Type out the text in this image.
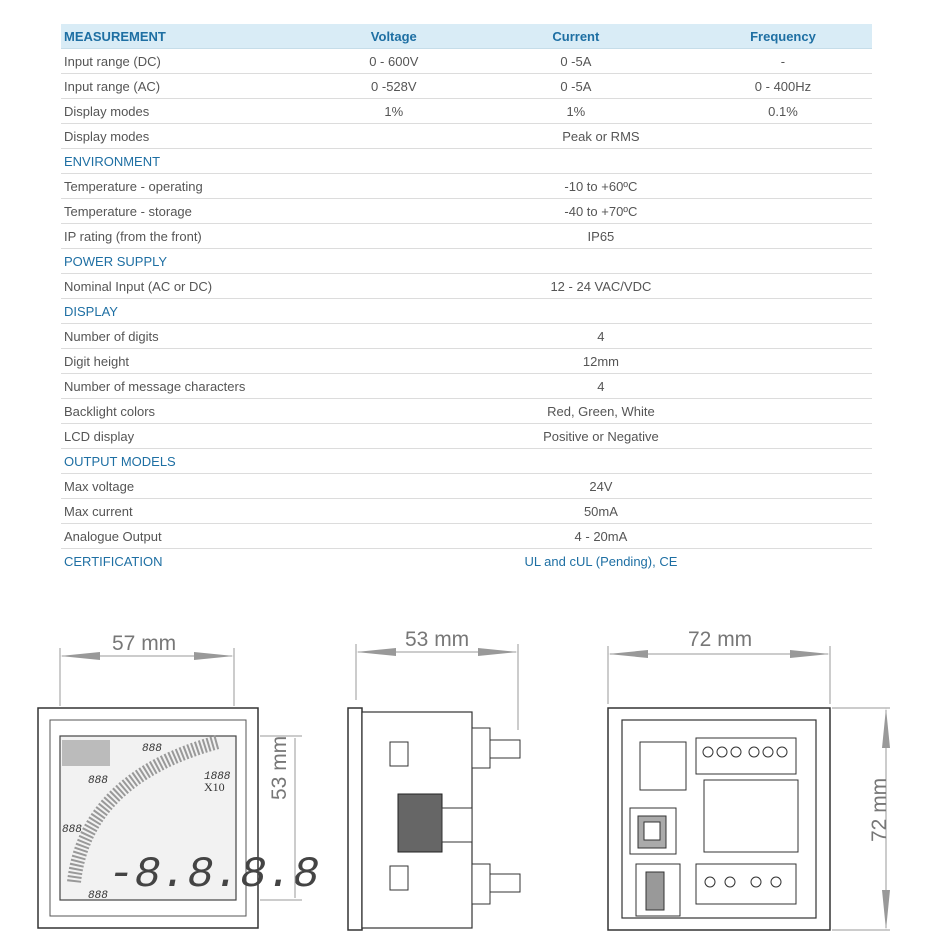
MEASUREMENT	Voltage	Current	Frequency
Input range (DC)	0 - 600V	0 -5A	-
Input range (AC)	0 -528V	0 -5A	0 - 400Hz
Display modes	1%	1%	0.1%
Display modes	Peak or RMS		
ENVIRONMENT			
Temperature - operating	-10 to +60ºC		
Temperature - storage	-40 to +70ºC		
IP rating (from the front)	IP65		
POWER SUPPLY			
Nominal Input (AC or DC)	12 - 24 VAC/VDC		
DISPLAY			
Number of digits	4		
Digit height	12mm		
Number of message characters	4		
Backlight colors	Red, Green, White		
LCD display	Positive or Negative		
OUTPUT MODELS			
Max voltage	24V		
Max current	50mA		
Analogue Output	4 - 20mA		
CERTIFICATION	UL and cUL (Pending), CE		
-8.8.8.8
X10
888
888
888
888
1888
57 mm
53 mm
53 mm	72 mm
72 mm
